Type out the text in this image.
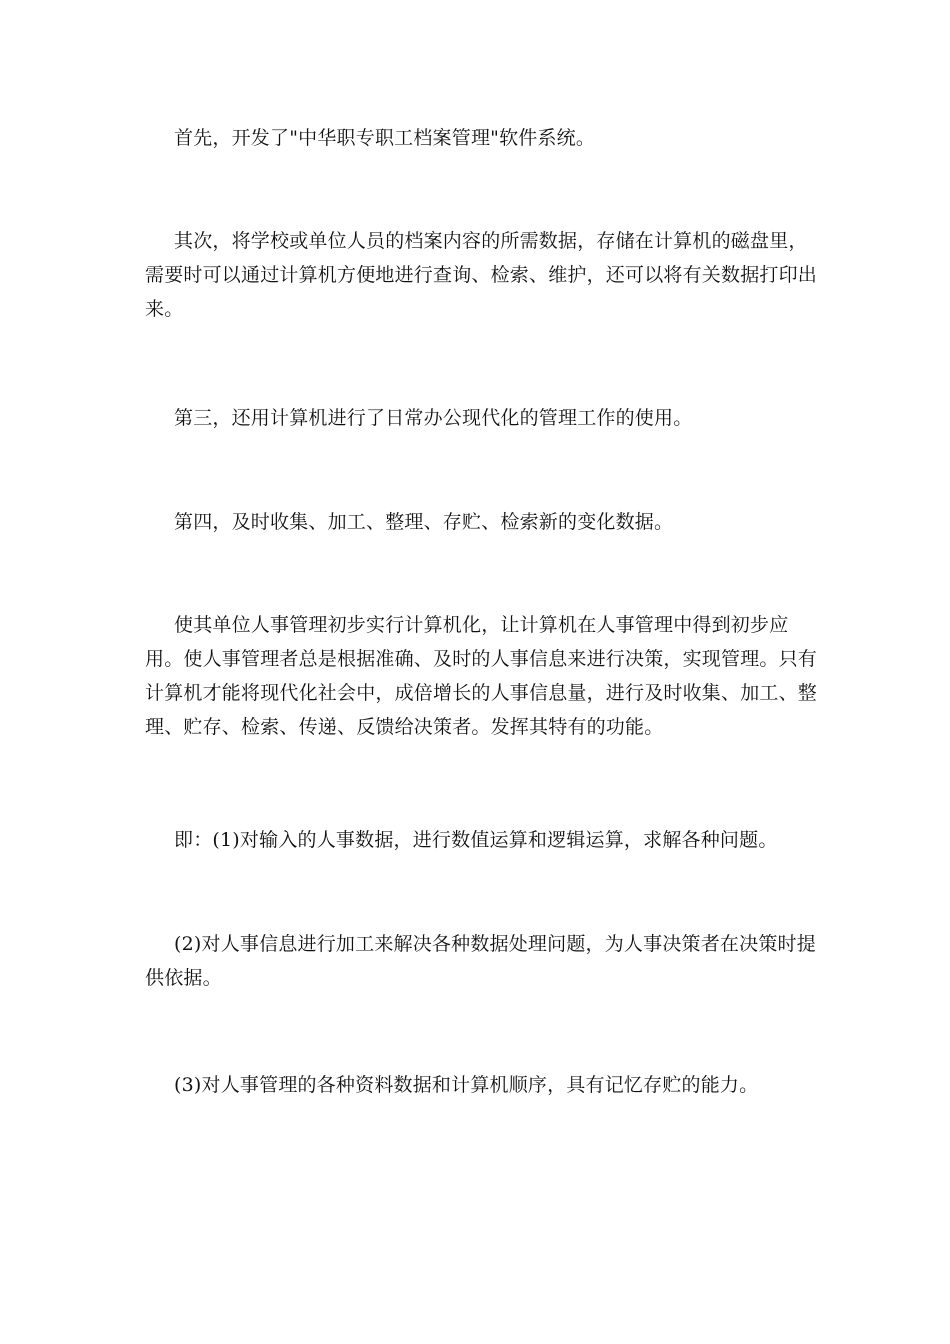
首先，开发了"中华职专职工档案管理"软件系统。

其次，将学校或单位人员的档案内容的所需数据，存储在计算机的磁盘里，需要时可以通过计算机方便地进行查询、检索、维护，还可以将有关数据打印出来。

第三，还用计算机进行了日常办公现代化的管理工作的使用。

第四，及时收集、加工、整理、存贮、检索新的变化数据。

使其单位人事管理初步实行计算机化，让计算机在人事管理中得到初步应用。使人事管理者总是根据准确、及时的人事信息来进行决策，实现管理。只有计算机才能将现代化社会中，成倍增长的人事信息量，进行及时收集、加工、整理、贮存、检索、传递、反馈给决策者。发挥其特有的功能。

即：(1)对输入的人事数据，进行数值运算和逻辑运算，求解各种问题。

(2)对人事信息进行加工来解决各种数据处理问题，为人事决策者在决策时提供依据。

(3)对人事管理的各种资料数据和计算机顺序，具有记忆存贮的能力。
